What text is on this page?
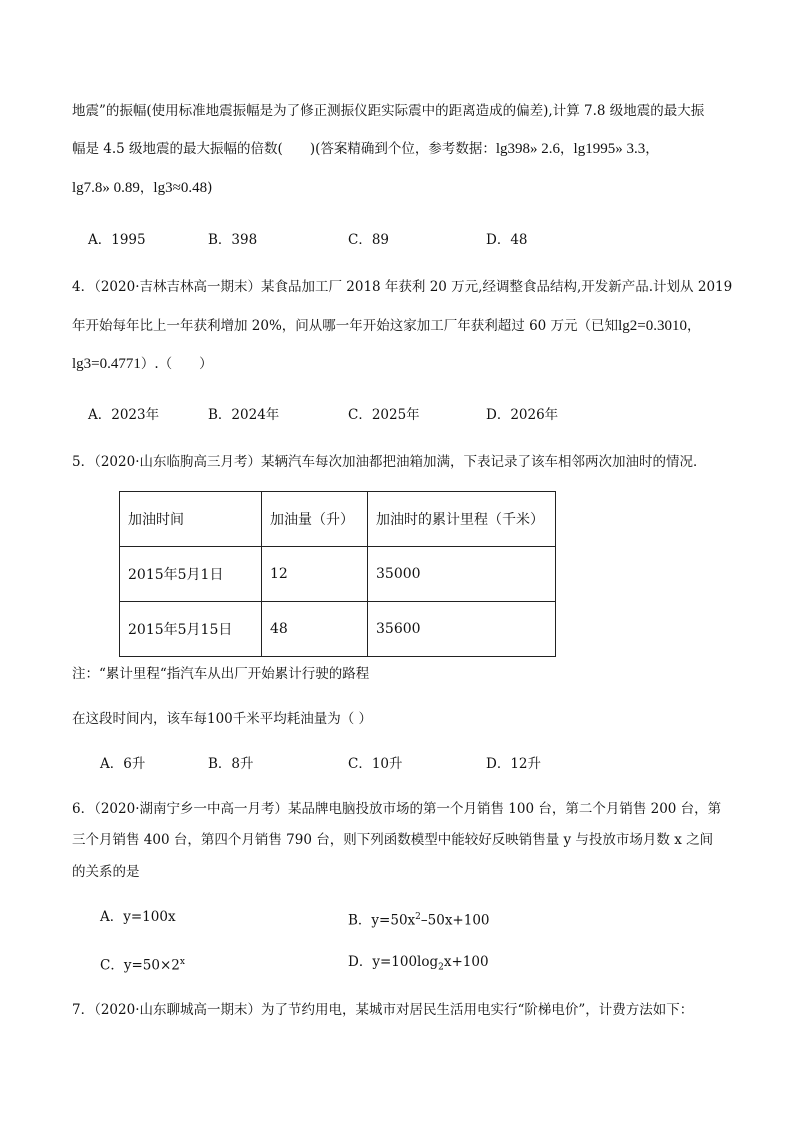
地震”的振幅(使用标准地震振幅是为了修正测振仪距实际震中的距离造成的偏差),计算 7.8 级地震的最大振
幅是 4.5 级地震的最大振幅的倍数(　　)(答案精确到个位，参考数据：lg398» 2.6，lg1995» 3.3，
lg7.8» 0.89，lg3≈0.48)
A．1995	B．398	C．89	D．48
4．（2020·吉林吉林高一期末）某食品加工厂 2018 年获利 20 万元,经调整食品结构,开发新产品.计划从 2019
年开始每年比上一年获利增加 20%，问从哪一年开始这家加工厂年获利超过 60 万元（已知lg2=0.3010，
lg3=0.4771）.（　　）
A．2023年	B．2024年	C．2025年	D．2026年
5．（2020·山东临朐高三月考）某辆汽车每次加油都把油箱加满，下表记录了该车相邻两次加油时的情况．
加油时间	加油量（升）	加油时的累计里程（千米）
2015年5月1日	12	35000
2015年5月15日	48	35600
注：“累计里程“指汽车从出厂开始累计行驶的路程
在这段时间内，该车每100千米平均耗油量为（ ）
A．6升	B．8升	C．10升	D．12升
6．（2020·湖南宁乡一中高一月考）某品牌电脑投放市场的第一个月销售 100 台，第二个月销售 200 台，第
三个月销售 400 台，第四个月销售 790 台，则下列函数模型中能较好反映销售量 y 与投放市场月数 x 之间
的关系的是
A．y=100x	B．$y=50x^2-50x+100$
C．$y=50\times 2^x$	D．$y=100\log_2x+100$
7．（2020·山东聊城高一期末）为了节约用电，某城市对居民生活用电实行“阶梯电价”，计费方法如下：
